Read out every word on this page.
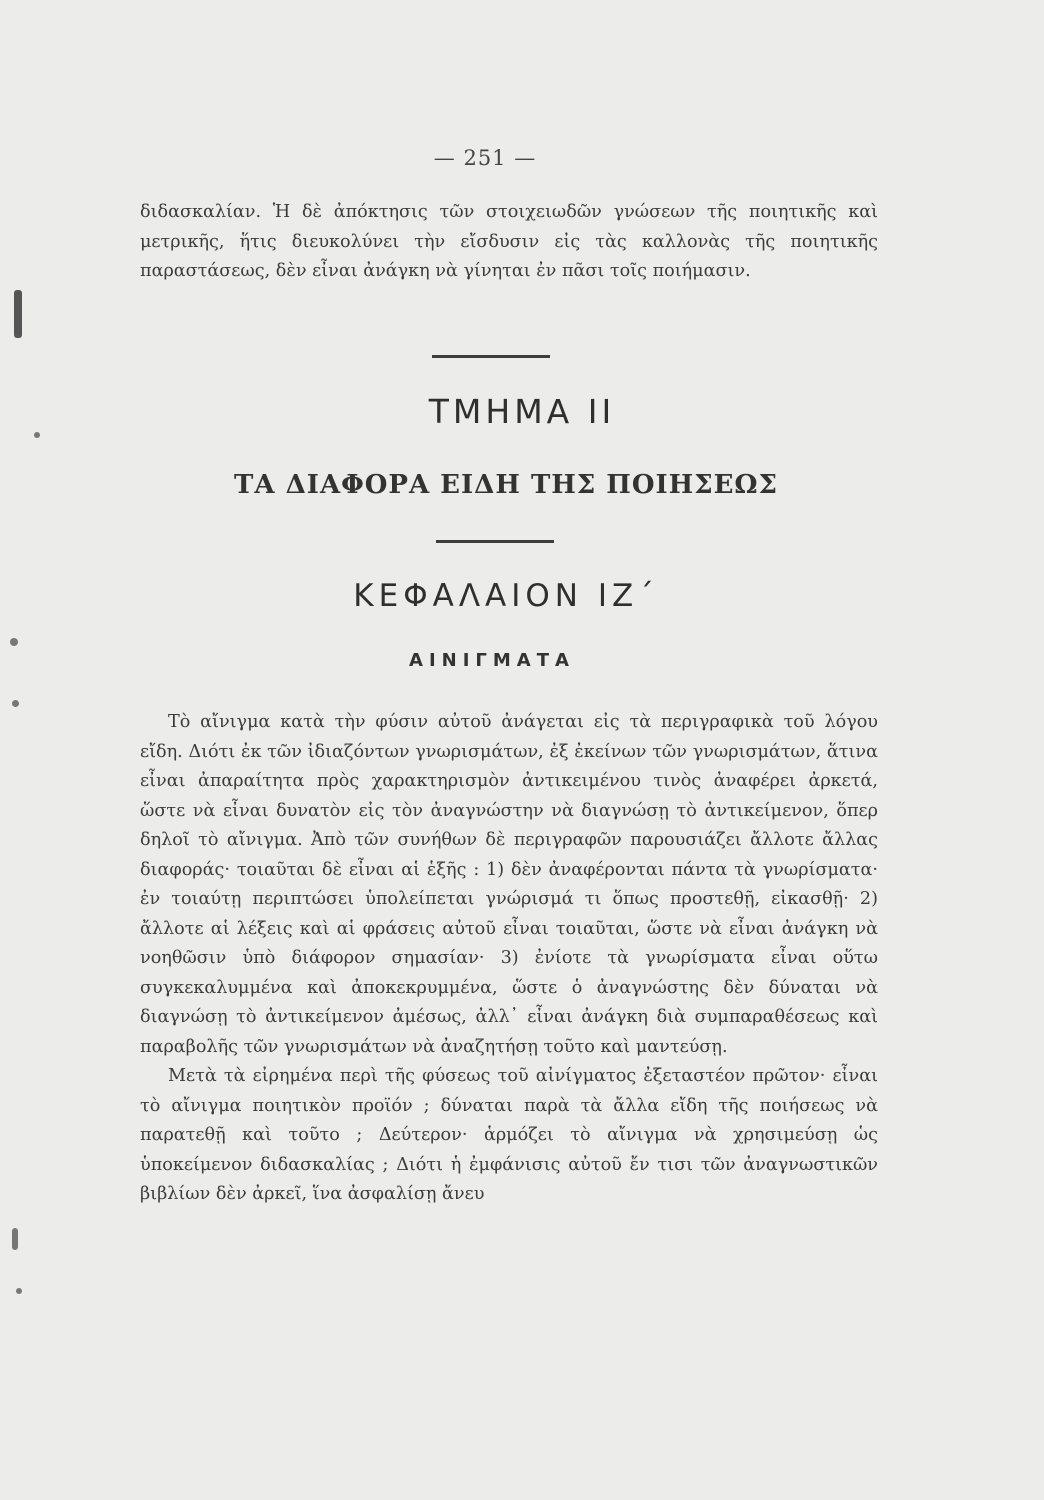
— 251 —

διδασκαλίαν. Ἡ δὲ ἀπόκτησις τῶν στοιχειωδῶν γνώσεων τῆς ποιητικῆς καὶ μετρικῆς, ἥτις διευκολύνει τὴν εἴσδυσιν εἰς τὰς καλλονὰς τῆς ποιητικῆς παραστάσεως, δὲν εἶναι ἀνάγκη νὰ γίνηται ἐν πᾶσι τοῖς ποιήμασιν.

ΤΜΗΜΑ ΙΙ
ΤΑ ΔΙΑΦΟΡΑ ΕΙΔΗ ΤΗΣ ΠΟΙΗΣΕΩΣ
ΚΕΦΑΛΑΙΟΝ ΙΖ΄
ΑΙΝΙΓΜΑΤΑ

Τὸ αἴνιγμα κατὰ τὴν φύσιν αὐτοῦ ἀνάγεται εἰς τὰ περιγραφικὰ τοῦ λόγου εἴδη. Διότι ἐκ τῶν ἰδιαζόντων γνωρισμάτων, ἐξ ἐκείνων τῶν γνωρισμάτων, ἅτινα εἶναι ἀπαραίτητα πρὸς χαρακτηρισμὸν ἀντικειμένου τινὸς ἀναφέρει ἀρκετά, ὥστε νὰ εἶναι δυνατὸν εἰς τὸν ἀναγνώστην νὰ διαγνώσῃ τὸ ἀντικείμενον, ὅπερ δηλοῖ τὸ αἴνιγμα. Ἀπὸ τῶν συνήθων δὲ περιγραφῶν παρουσιάζει ἄλλοτε ἄλλας διαφοράς· τοιαῦται δὲ εἶναι αἱ ἑξῆς : 1) δὲν ἀναφέρονται πάντα τὰ γνωρίσματα· ἐν τοιαύτῃ περιπτώσει ὑπολείπεται γνώρισμά τι ὅπως προστεθῇ, εἰκασθῇ· 2) ἄλλοτε αἱ λέξεις καὶ αἱ φράσεις αὐτοῦ εἶναι τοιαῦται, ὥστε νὰ εἶναι ἀνάγκη νὰ νοηθῶσιν ὑπὸ διάφορον σημασίαν· 3) ἐνίοτε τὰ γνωρίσματα εἶναι οὕτω συγκεκαλυμμένα καὶ ἀποκεκρυμμένα, ὥστε ὁ ἀναγνώστης δὲν δύναται νὰ διαγνώσῃ τὸ ἀντικείμενον ἀμέσως, ἀλλ᾽ εἶναι ἀνάγκη διὰ συμπαραθέσεως καὶ παραβολῆς τῶν γνωρισμάτων νὰ ἀναζητήσῃ τοῦτο καὶ μαντεύσῃ.

Μετὰ τὰ εἰρημένα περὶ τῆς φύσεως τοῦ αἰνίγματος ἐξεταστέον πρῶτον· εἶναι τὸ αἴνιγμα ποιητικὸν προϊόν ; δύναται παρὰ τὰ ἄλλα εἴδη τῆς ποιήσεως νὰ παρατεθῇ καὶ τοῦτο ; Δεύτερον· ἁρμόζει τὸ αἴνιγμα νὰ χρησιμεύσῃ ὡς ὑποκείμενον διδασκαλίας ; Διότι ἡ ἐμφάνισις αὐτοῦ ἔν τισι τῶν ἀναγνωστικῶν βιβλίων δὲν ἀρκεῖ, ἵνα ἀσφαλίσῃ ἄνευ
